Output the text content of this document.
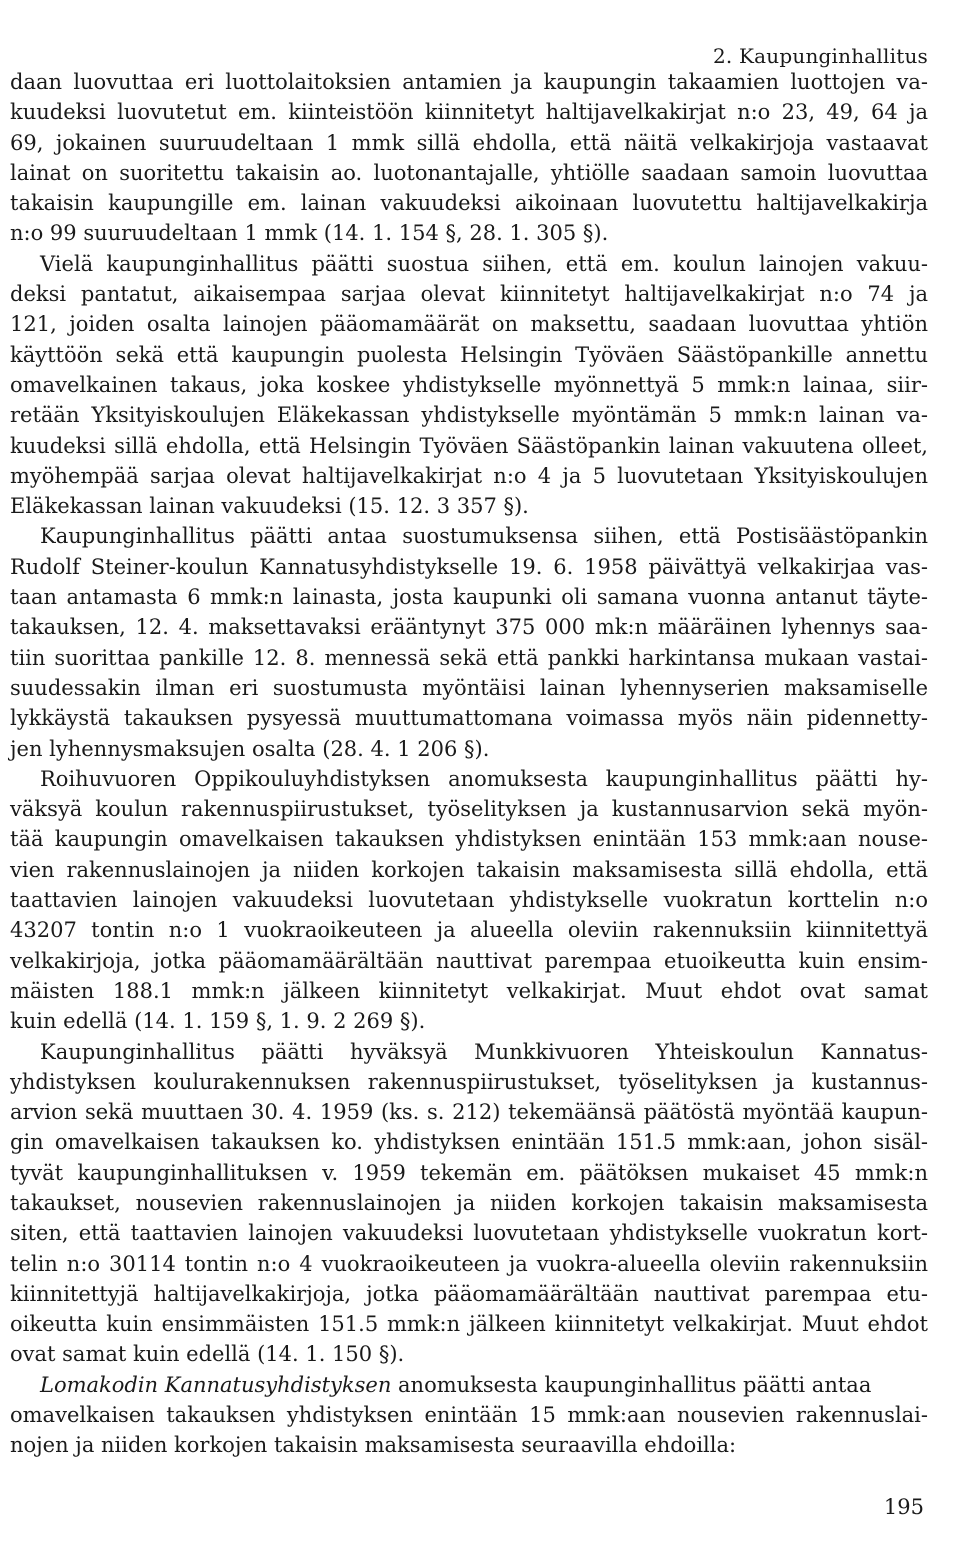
2. Kaupunginhallitus
daan luovuttaa eri luottolaitoksien antamien ja kaupungin takaamien luottojen va-
kuudeksi luovutetut em. kiinteistöön kiinnitetyt haltijavelkakirjat n:o 23, 49, 64 ja
69, jokainen suuruudeltaan 1 mmk sillä ehdolla, että näitä velkakirjoja vastaavat
lainat on suoritettu takaisin ao. luotonantajalle, yhtiölle saadaan samoin luovuttaa
takaisin kaupungille em. lainan vakuudeksi aikoinaan luovutettu haltijavelkakirja
n:o 99 suuruudeltaan 1 mmk (14. 1. 154 §, 28. 1. 305 §).
Vielä kaupunginhallitus päätti suostua siihen, että em. koulun lainojen vakuu-
deksi pantatut, aikaisempaa sarjaa olevat kiinnitetyt haltijavelkakirjat n:o 74 ja
121, joiden osalta lainojen pääomamäärät on maksettu, saadaan luovuttaa yhtiön
käyttöön sekä että kaupungin puolesta Helsingin Työväen Säästöpankille annettu
omavelkainen takaus, joka koskee yhdistykselle myönnettyä 5 mmk:n lainaa, siir-
retään Yksityiskoulujen Eläkekassan yhdistykselle myöntämän 5 mmk:n lainan va-
kuudeksi sillä ehdolla, että Helsingin Työväen Säästöpankin lainan vakuutena olleet,
myöhempää sarjaa olevat haltijavelkakirjat n:o 4 ja 5 luovutetaan Yksityiskoulujen
Eläkekassan lainan vakuudeksi (15. 12. 3 357 §).
Kaupunginhallitus päätti antaa suostumuksensa siihen, että Postisäästöpankin
Rudolf Steiner-koulun Kannatusyhdistykselle 19. 6. 1958 päivättyä velkakirjaa vas-
taan antamasta 6 mmk:n lainasta, josta kaupunki oli samana vuonna antanut täyte-
takauksen, 12. 4. maksettavaksi erääntynyt 375 000 mk:n määräinen lyhennys saa-
tiin suorittaa pankille 12. 8. mennessä sekä että pankki harkintansa mukaan vastai-
suudessakin ilman eri suostumusta myöntäisi lainan lyhennyserien maksamiselle
lykkäystä takauksen pysyessä muuttumattomana voimassa myös näin pidennetty-
jen lyhennysmaksujen osalta (28. 4. 1 206 §).
Roihuvuoren Oppikouluyhdistyksen anomuksesta kaupunginhallitus päätti hy-
väksyä koulun rakennuspiirustukset, työselityksen ja kustannusarvion sekä myön-
tää kaupungin omavelkaisen takauksen yhdistyksen enintään 153 mmk:aan nouse-
vien rakennuslainojen ja niiden korkojen takaisin maksamisesta sillä ehdolla, että
taattavien lainojen vakuudeksi luovutetaan yhdistykselle vuokratun korttelin n:o
43207 tontin n:o 1 vuokraoikeuteen ja alueella oleviin rakennuksiin kiinnitettyä
velkakirjoja, jotka pääomamäärältään nauttivat parempaa etuoikeutta kuin ensim-
mäisten 188.1 mmk:n jälkeen kiinnitetyt velkakirjat. Muut ehdot ovat samat
kuin edellä (14. 1. 159 §, 1. 9. 2 269 §).
Kaupunginhallitus päätti hyväksyä Munkkivuoren Yhteiskoulun Kannatus-
yhdistyksen koulurakennuksen rakennuspiirustukset, työselityksen ja kustannus-
arvion sekä muuttaen 30. 4. 1959 (ks. s. 212) tekemäänsä päätöstä myöntää kaupun-
gin omavelkaisen takauksen ko. yhdistyksen enintään 151.5 mmk:aan, johon sisäl-
tyvät kaupunginhallituksen v. 1959 tekemän em. päätöksen mukaiset 45 mmk:n
takaukset, nousevien rakennuslainojen ja niiden korkojen takaisin maksamisesta
siten, että taattavien lainojen vakuudeksi luovutetaan yhdistykselle vuokratun kort-
telin n:o 30114 tontin n:o 4 vuokraoikeuteen ja vuokra-alueella oleviin rakennuksiin
kiinnitettyjä haltijavelkakirjoja, jotka pääomamäärältään nauttivat parempaa etu-
oikeutta kuin ensimmäisten 151.5 mmk:n jälkeen kiinnitetyt velkakirjat. Muut ehdot
ovat samat kuin edellä (14. 1. 150 §).
Lomakodin Kannatusyhdistyksen anomuksesta kaupunginhallitus päätti antaa
omavelkaisen takauksen yhdistyksen enintään 15 mmk:aan nousevien rakennuslai-
nojen ja niiden korkojen takaisin maksamisesta seuraavilla ehdoilla:
195
